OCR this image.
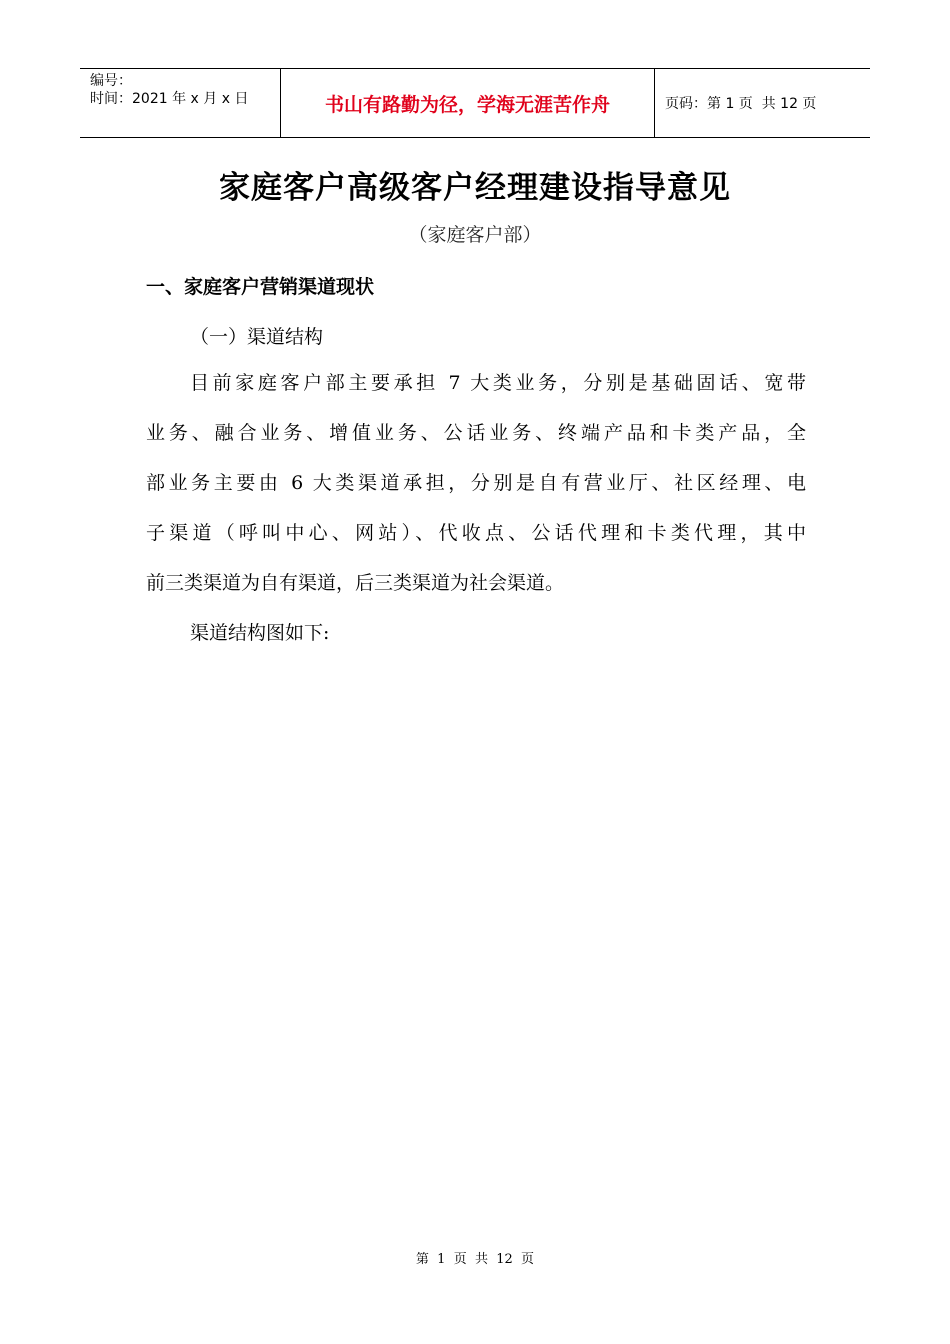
编号：
时间：2021 年 x 月 x 日	书山有路勤为径，学海无涯苦作舟	页码：第 1 页  共 12 页
家庭客户高级客户经理建设指导意见
（家庭客户部）
一、家庭客户营销渠道现状
（一）渠道结构
目前家庭客户部主要承担 7 大类业务，分别是基础固话、宽带
业务、融合业务、增值业务、公话业务、终端产品和卡类产品，全
部业务主要由 6 大类渠道承担，分别是自有营业厅、社区经理、电
子渠道（呼叫中心、网站）、代收点、公话代理和卡类代理，其中
前三类渠道为自有渠道，后三类渠道为社会渠道。
渠道结构图如下:
第  1  页  共  12  页
